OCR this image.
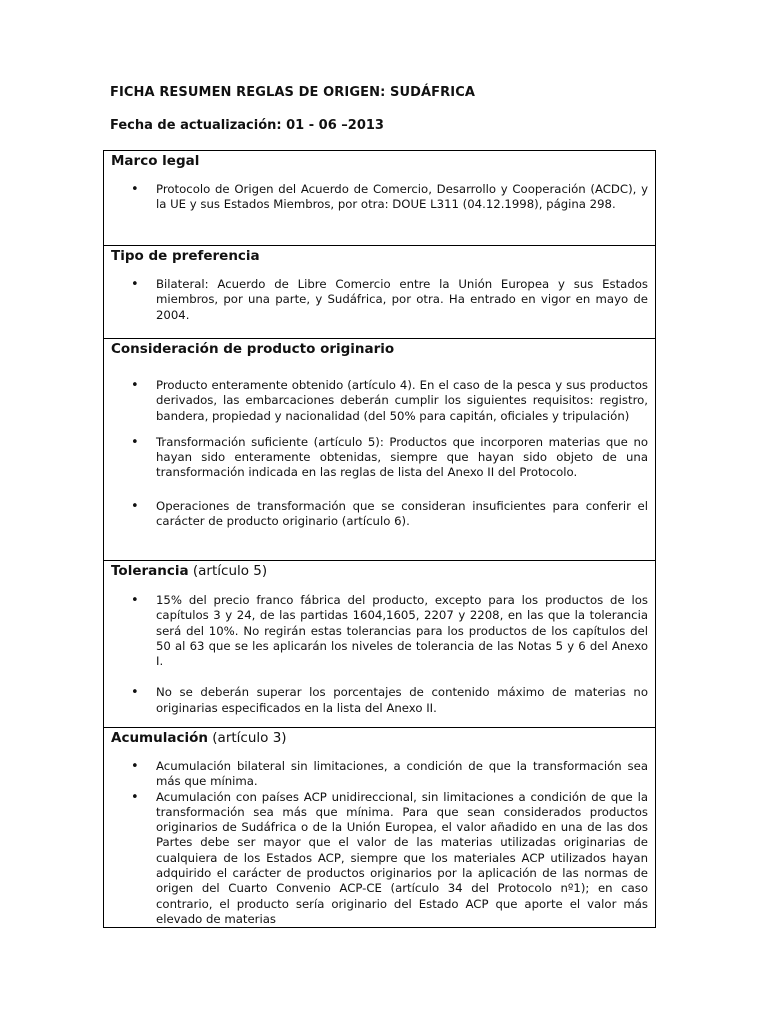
FICHA RESUMEN REGLAS DE ORIGEN: SUDÁFRICA
Fecha de actualización: 01 - 06 –2013

Marco legal

• Protocolo de Origen del Acuerdo de Comercio, Desarrollo y Cooperación (ACDC), y la UE y sus Estados Miembros, por otra: DOUE L311 (04.12.1998), página 298.

Tipo de preferencia

• Bilateral: Acuerdo de Libre Comercio entre la Unión Europea y sus Estados miembros, por una parte, y Sudáfrica, por otra. Ha entrado en vigor en mayo de 2004.

Consideración de producto originario

• Producto enteramente obtenido (artículo 4). En el caso de la pesca y sus productos derivados, las embarcaciones deberán cumplir los siguientes requisitos: registro, bandera, propiedad y nacionalidad (del 50% para capitán, oficiales y tripulación)
• Transformación suficiente (artículo 5): Productos que incorporen materias que no hayan sido enteramente obtenidas, siempre que hayan sido objeto de una transformación indicada en las reglas de lista del Anexo II del Protocolo.
• Operaciones de transformación que se consideran insuficientes para conferir el carácter de producto originario (artículo 6).

Tolerancia (artículo 5)

• 15% del precio franco fábrica del producto, excepto para los productos de los capítulos 3 y 24, de las partidas 1604,1605, 2207 y 2208, en las que la tolerancia será del 10%. No regirán estas tolerancias para los productos de los capítulos del 50 al 63 que se les aplicarán los niveles de tolerancia de las Notas 5 y 6 del Anexo I.
• No se deberán superar los porcentajes de contenido máximo de materias no originarias especificados en la lista del Anexo II.

Acumulación (artículo 3)

• Acumulación bilateral sin limitaciones, a condición de que la transformación sea más que mínima.
• Acumulación con países ACP unidireccional, sin limitaciones a condición de que la transformación sea más que mínima. Para que sean considerados productos originarios de Sudáfrica o de la Unión Europea, el valor añadido en una de las dos Partes debe ser mayor que el valor de las materias utilizadas originarias de cualquiera de los Estados ACP, siempre que los materiales ACP utilizados hayan adquirido el carácter de productos originarios por la aplicación de las normas de origen del Cuarto Convenio ACP-CE (artículo 34 del Protocolo nº1); en caso contrario, el producto sería originario del Estado ACP que aporte el valor más elevado de materias
